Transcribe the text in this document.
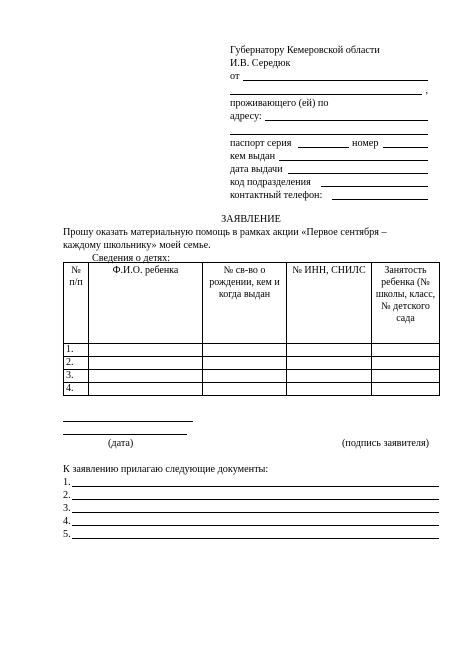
Губернатору Кемеровской области
И.В. Середюк
от
,
проживающего (ей) по
адресу:
паспорт серия	номер
кем выдан
дата выдачи
код подразделения
контактный телефон:
ЗАЯВЛЕНИЕ
Прошу оказать материальную помощь в рамках акции «Первое сентября –
каждому школьнику» моей семье.
Сведения о детях:
№ п/п	Ф.И.О. ребенка	№ св-во о рождении, кем и когда выдан	№ ИНН, СНИЛС	Занятость ребенка (№ школы, класс, № детского сада
1.				
2.				
3.				
4.				
(дата)	(подпись заявителя)
К заявлению прилагаю следующие документы:
1.
2.
3.
4.
5.
